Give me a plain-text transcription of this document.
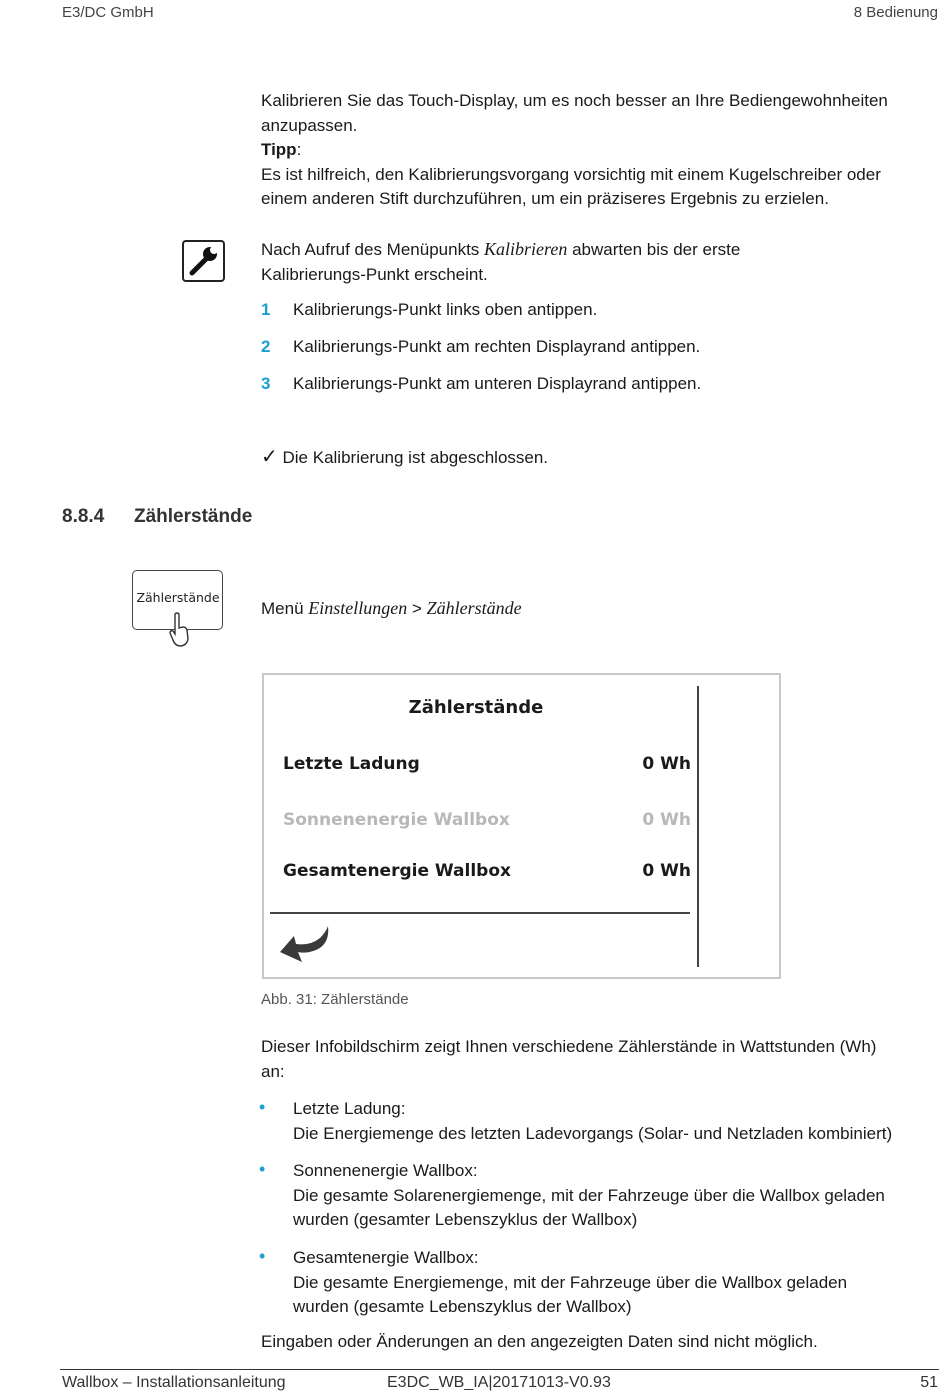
E3/DC GmbH	8 Bedienung
Kalibrieren Sie das Touch-Display, um es noch besser an Ihre Bediengewohnheiten
anzupassen.
Tipp:
Es ist hilfreich, den Kalibrierungsvorgang vorsichtig mit einem Kugelschreiber oder
einem anderen Stift durchzuführen, um ein präziseres Ergebnis zu erzielen.
Nach Aufruf des Menüpunkts Kalibrieren abwarten bis der erste
Kalibrierungs-Punkt erscheint.
1 Kalibrierungs-Punkt links oben antippen.
2 Kalibrierungs-Punkt am rechten Displayrand antippen.
3 Kalibrierungs-Punkt am unteren Displayrand antippen.
✓ Die Kalibrierung ist abgeschlossen.
8.8.4 Zählerstände
Zählerstände
Menü Einstellungen > Zählerstände
Zählerstände
Letzte Ladung	0 Wh
Sonnenenergie Wallbox	0 Wh
Gesamtenergie Wallbox	0 Wh
Abb. 31: Zählerstände
Dieser Infobildschirm zeigt Ihnen verschiedene Zählerstände in Wattstunden (Wh)
an:
• Letzte Ladung:
Die Energiemenge des letzten Ladevorgangs (Solar- und Netzladen kombiniert)
• Sonnenenergie Wallbox:
Die gesamte Solarenergiemenge, mit der Fahrzeuge über die Wallbox geladen
wurden (gesamter Lebenszyklus der Wallbox)
• Gesamtenergie Wallbox:
Die gesamte Energiemenge, mit der Fahrzeuge über die Wallbox geladen
wurden (gesamte Lebenszyklus der Wallbox)
Eingaben oder Änderungen an den angezeigten Daten sind nicht möglich.
Wallbox – Installationsanleitung	E3DC_WB_IA|20171013-V0.93	51
